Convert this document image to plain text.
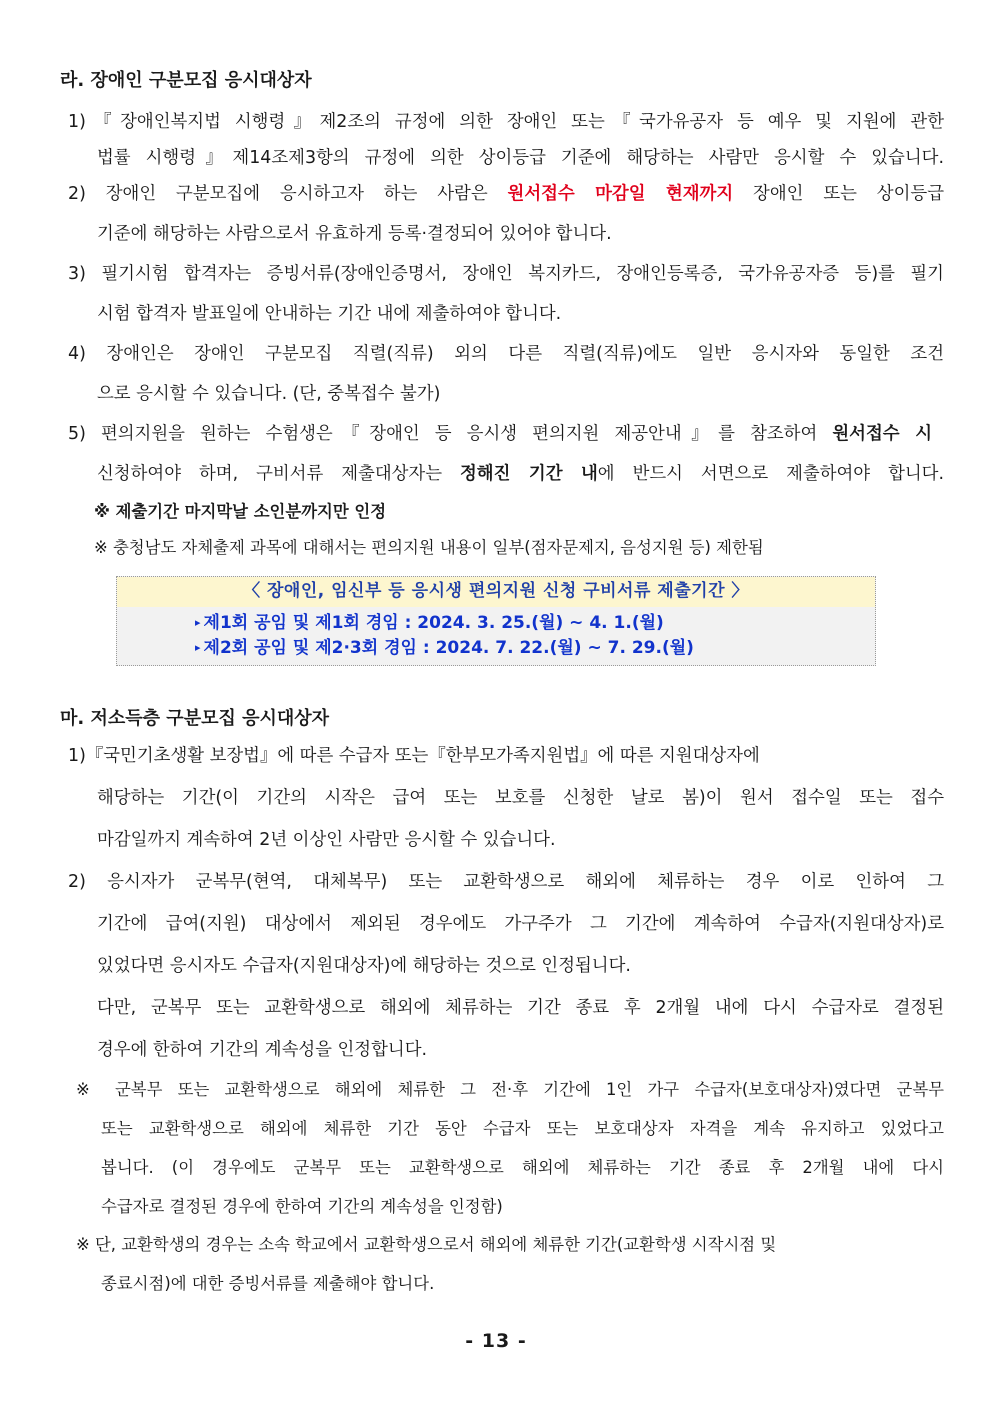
라. 장애인 구분모집 응시대상자
1)『장애인복지법 시행령』제2조의 규정에 의한 장애인 또는『국가유공자 등 예우 및 지원에 관한
법률 시행령』제14조제3항의 규정에 의한 상이등급 기준에 해당하는 사람만 응시할 수 있습니다.
2) 장애인 구분모집에 응시하고자 하는 사람은 원서접수 마감일 현재까지 장애인 또는 상이등급
기준에 해당하는 사람으로서 유효하게 등록·결정되어 있어야 합니다.
3) 필기시험 합격자는 증빙서류(장애인증명서, 장애인 복지카드, 장애인등록증, 국가유공자증 등)를 필기
시험 합격자 발표일에 안내하는 기간 내에 제출하여야 합니다.
4) 장애인은 장애인 구분모집 직렬(직류) 외의 다른 직렬(직류)에도 일반 응시자와 동일한 조건
으로 응시할 수 있습니다. (단, 중복접수 불가)
5) 편의지원을 원하는 수험생은『장애인 등 응시생 편의지원 제공안내』를 참조하여 원서접수 시
신청하여야 하며, 구비서류 제출대상자는 정해진 기간 내에 반드시 서면으로 제출하여야 합니다.
※ 제출기간 마지막날 소인분까지만 인정
※ 충청남도 자체출제 과목에 대해서는 편의지원 내용이 일부(점자문제지, 음성지원 등) 제한됨
〈 장애인, 임신부 등 응시생 편의지원 신청 구비서류 제출기간 〉
▸ 제1회 공임 및 제1회 경임 : 2024. 3. 25.(월) ~ 4. 1.(월)
▸ 제2회 공임 및 제2·3회 경임 : 2024. 7. 22.(월) ~ 7. 29.(월)
마. 저소득층 구분모집 응시대상자
1)『국민기초생활 보장법』에 따른 수급자 또는『한부모가족지원법』에 따른 지원대상자에
해당하는 기간(이 기간의 시작은 급여 또는 보호를 신청한 날로 봄)이 원서 접수일 또는 접수
마감일까지 계속하여 2년 이상인 사람만 응시할 수 있습니다.
2) 응시자가 군복무(현역, 대체복무) 또는 교환학생으로 해외에 체류하는 경우 이로 인하여 그
기간에 급여(지원) 대상에서 제외된 경우에도 가구주가 그 기간에 계속하여 수급자(지원대상자)로
있었다면 응시자도 수급자(지원대상자)에 해당하는 것으로 인정됩니다.
다만, 군복무 또는 교환학생으로 해외에 체류하는 기간 종료 후 2개월 내에 다시 수급자로 결정된
경우에 한하여 기간의 계속성을 인정합니다.
※ 군복무 또는 교환학생으로 해외에 체류한 그 전·후 기간에 1인 가구 수급자(보호대상자)였다면 군복무
또는 교환학생으로 해외에 체류한 기간 동안 수급자 또는 보호대상자 자격을 계속 유지하고 있었다고
봅니다. (이 경우에도 군복무 또는 교환학생으로 해외에 체류하는 기간 종료 후 2개월 내에 다시
수급자로 결정된 경우에 한하여 기간의 계속성을 인정함)
※ 단, 교환학생의 경우는 소속 학교에서 교환학생으로서 해외에 체류한 기간(교환학생 시작시점 및
종료시점)에 대한 증빙서류를 제출해야 합니다.
- 13 -
